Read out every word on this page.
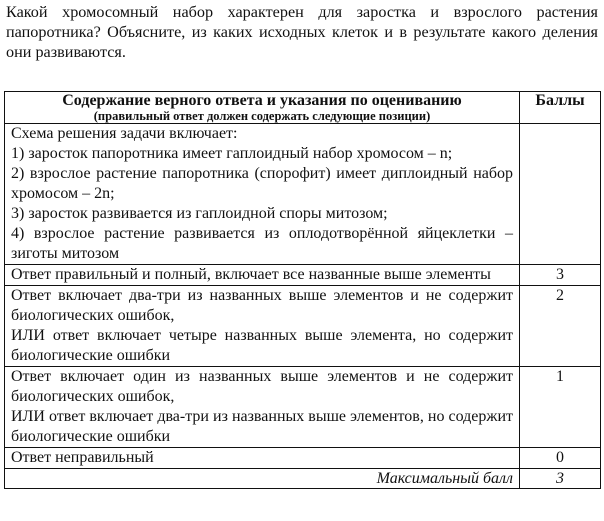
Какой хромосомный набор характерен для заростка и взрослого растения папоротника? Объясните, из каких исходных клеток и в результате какого деления они развиваются.

Содержание верного ответа и указания по оцениванию
(правильный ответ должен содержать следующие позиции)	Баллы

Схема решения задачи включает:
1) заросток папоротника имеет гаплоидный набор хромосом – n;
2) взрослое растение папоротника (спорофит) имеет диплоидный набор хромосом – 2n;
3) заросток развивается из гаплоидной споры митозом;
4) взрослое растение развивается из оплодотворённой яйцеклетки – зиготы митозом	

Ответ правильный и полный, включает все названные выше элементы	3

Ответ включает два-три из названных выше элементов и не содержит биологических ошибок,
ИЛИ ответ включает четыре названных выше элемента, но содержит биологические ошибки	2

Ответ включает один из названных выше элементов и не содержит биологических ошибок,
ИЛИ ответ включает два-три из названных выше элементов, но содержит биологические ошибки	1

Ответ неправильный	0
Максимальный балл	3
